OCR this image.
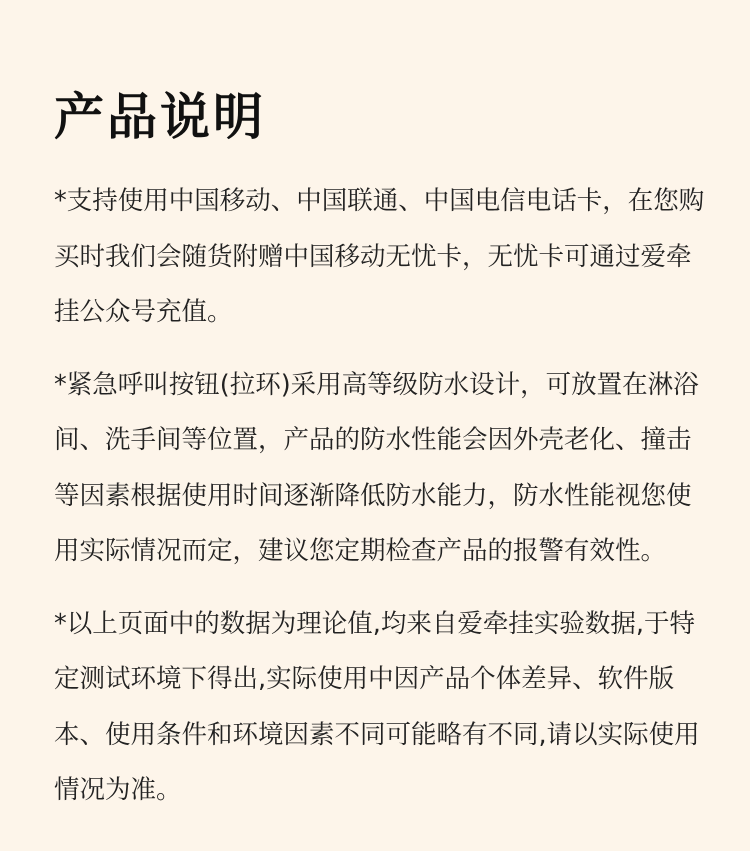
产品说明

*支持使用中国移动、中国联通、中国电信电话卡，在您购买时我们会随货附赠中国移动无忧卡，无忧卡可通过爱牵挂公众号充值。

*紧急呼叫按钮(拉环)采用高等级防水设计，可放置在淋浴间、洗手间等位置，产品的防水性能会因外壳老化、撞击等因素根据使用时间逐渐降低防水能力，防水性能视您使用实际情况而定，建议您定期检查产品的报警有效性。

*以上页面中的数据为理论值,均来自爱牵挂实验数据,于特定测试环境下得出,实际使用中因产品个体差异、软件版本、使用条件和环境因素不同可能略有不同,请以实际使用情况为准。
